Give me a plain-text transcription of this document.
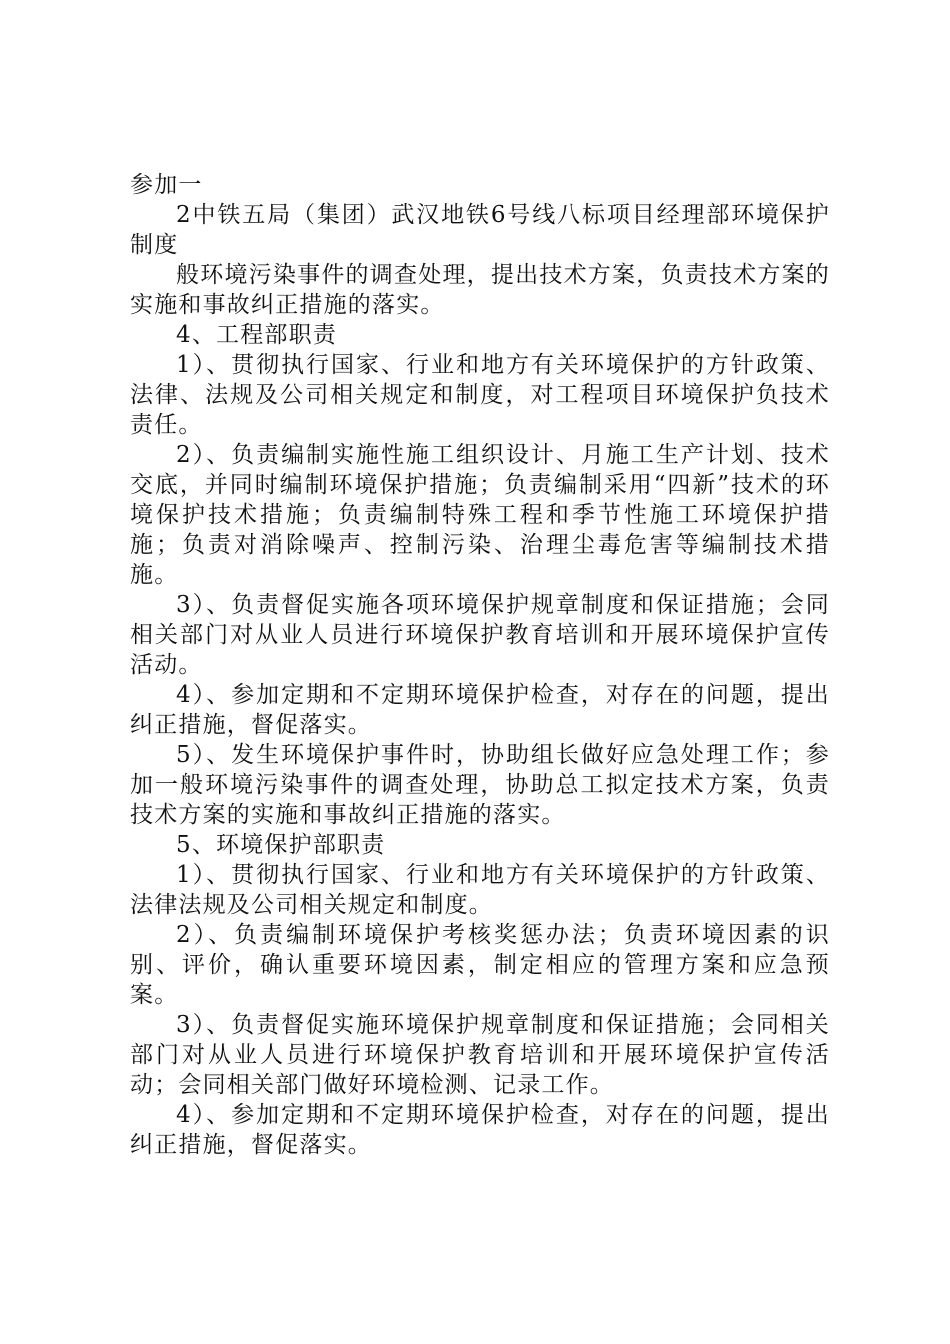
参加一

2中铁五局（集团）武汉地铁6号线八标项目经理部环境保护制度

般环境污染事件的调查处理，提出技术方案，负责技术方案的实施和事故纠正措施的落实。

4、工程部职责

1）、贯彻执行国家、行业和地方有关环境保护的方针政策、法律、法规及公司相关规定和制度，对工程项目环境保护负技术责任。

2）、负责编制实施性施工组织设计、月施工生产计划、技术交底，并同时编制环境保护措施；负责编制采用“四新”技术的环境保护技术措施；负责编制特殊工程和季节性施工环境保护措施；负责对消除噪声、控制污染、治理尘毒危害等编制技术措施。

3）、负责督促实施各项环境保护规章制度和保证措施；会同相关部门对从业人员进行环境保护教育培训和开展环境保护宣传活动。

4）、参加定期和不定期环境保护检查，对存在的问题，提出纠正措施，督促落实。

5）、发生环境保护事件时，协助组长做好应急处理工作；参加一般环境污染事件的调查处理，协助总工拟定技术方案，负责技术方案的实施和事故纠正措施的落实。

5、环境保护部职责

1）、贯彻执行国家、行业和地方有关环境保护的方针政策、法律法规及公司相关规定和制度。

2）、负责编制环境保护考核奖惩办法；负责环境因素的识别、评价，确认重要环境因素，制定相应的管理方案和应急预案。

3）、负责督促实施环境保护规章制度和保证措施；会同相关部门对从业人员进行环境保护教育培训和开展环境保护宣传活动；会同相关部门做好环境检测、记录工作。

4）、参加定期和不定期环境保护检查，对存在的问题，提出纠正措施，督促落实。
